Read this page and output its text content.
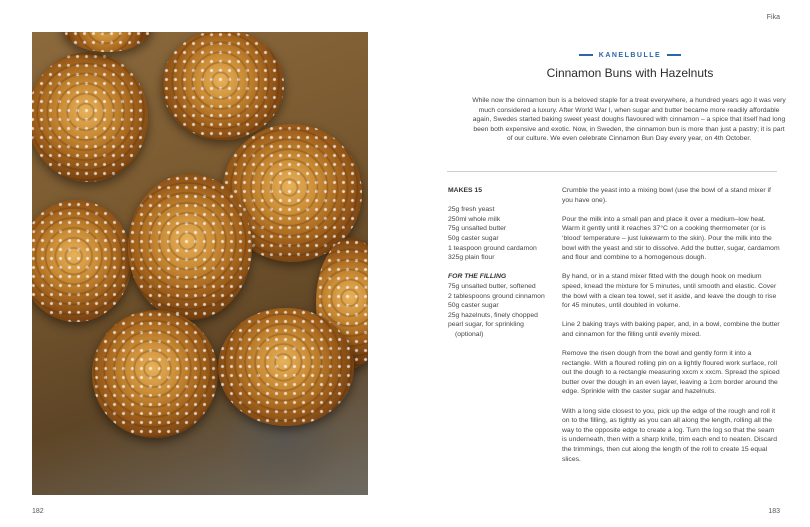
Fika
182	183
KANELBULLE
Cinnamon Buns with Hazelnuts
While now the cinnamon bun is a beloved staple for a treat everywhere, a hundred years ago it was very much considered a luxury. After World War I, when sugar and butter became more readily affordable again, Swedes started baking sweet yeast doughs flavoured with cinnamon – a spice that itself had long been both expensive and exotic. Now, in Sweden, the cinnamon bun is more than just a pastry; it is part of our culture. We even celebrate Cinnamon Bun Day every year, on 4th October.
MAKES 15
25g fresh yeast
250ml whole milk
75g unsalted butter
50g caster sugar
1 teaspoon ground cardamon
325g plain flour
FOR THE FILLING
75g unsalted butter, softened
2 tablespoons ground cinnamon
50g caster sugar
25g hazelnuts, finely chopped
pearl sugar, for sprinkling
(optional)

Crumble the yeast into a mixing bowl (use the bowl of a stand mixer if you have one).

Pour the milk into a small pan and place it over a medium–low heat. Warm it gently until it reaches 37°C on a cooking thermometer (or is ‘blood’ temperature – just lukewarm to the skin). Pour the milk into the bowl with the yeast and stir to dissolve. Add the butter, sugar, cardamom and flour and combine to a homogenous dough.

By hand, or in a stand mixer fitted with the dough hook on medium speed, knead the mixture for 5 minutes, until smooth and elastic. Cover the bowl with a clean tea towel, set it aside, and leave the dough to rise for 45 minutes, until doubled in volume.

Line 2 baking trays with baking paper, and, in a bowl, combine the butter and cinnamon for the filling until evenly mixed.

Remove the risen dough from the bowl and gently form it into a rectangle. With a floured rolling pin on a lightly floured work surface, roll out the dough to a rectangle measuring xxcm x xxcm. Spread the spiced butter over the dough in an even layer, leaving a 1cm border around the edge. Sprinkle with the caster sugar and hazelnuts.

With a long side closest to you, pick up the edge of the rough and roll it on to the filling, as tightly as you can all along the length, rolling all the way to the opposite edge to create a log. Turn the log so that the seam is underneath, then with a sharp knife, trim each end to neaten. Discard the trimmings, then cut along the length of the roll to create 15 equal slices.
